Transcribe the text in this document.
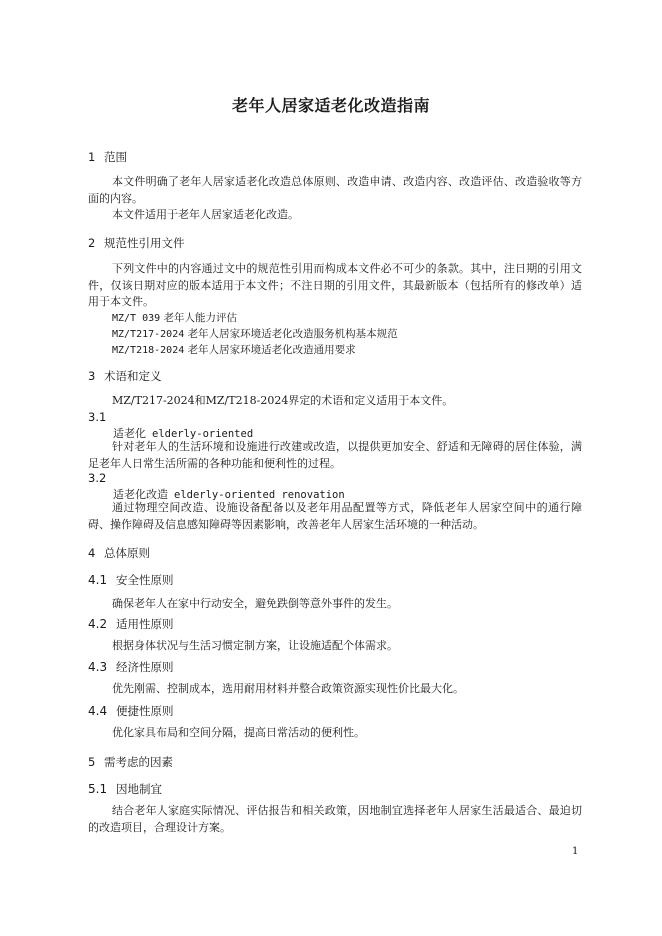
老年人居家适老化改造指南
1 范围

本文件明确了老年人居家适老化改造总体原则、改造申请、改造内容、改造评估、改造验收等方面的内容。

本文件适用于老年人居家适老化改造。

2 规范性引用文件

下列文件中的内容通过文中的规范性引用而构成本文件必不可少的条款。其中，注日期的引用文件，仅该日期对应的版本适用于本文件；不注日期的引用文件，其最新版本（包括所有的修改单）适用于本文件。

MZ/T 039 老年人能力评估
MZ/T217-2024 老年人居家环境适老化改造服务机构基本规范
MZ/T218-2024 老年人居家环境适老化改造通用要求
3 术语和定义

MZ/T217-2024和MZ/T218-2024界定的术语和定义适用于本文件。

3.1
适老化 elderly-oriented

针对老年人的生活环境和设施进行改建或改造，以提供更加安全、舒适和无障碍的居住体验，满足老年人日常生活所需的各种功能和便利性的过程。

3.2
适老化改造 elderly-oriented renovation

通过物理空间改造、设施设备配备以及老年用品配置等方式，降低老年人居家空间中的通行障碍、操作障碍及信息感知障碍等因素影响，改善老年人居家生活环境的一种活动。

4 总体原则
4.1 安全性原则

确保老年人在家中行动安全，避免跌倒等意外事件的发生。

4.2 适用性原则

根据身体状况与生活习惯定制方案，让设施适配个体需求。

4.3 经济性原则

优先刚需、控制成本，选用耐用材料并整合政策资源实现性价比最大化。

4.4 便捷性原则

优化家具布局和空间分隔，提高日常活动的便利性。

5 需考虑的因素
5.1 因地制宜

结合老年人家庭实际情况、评估报告和相关政策，因地制宜选择老年人居家生活最适合、最迫切的改造项目，合理设计方案。

1
